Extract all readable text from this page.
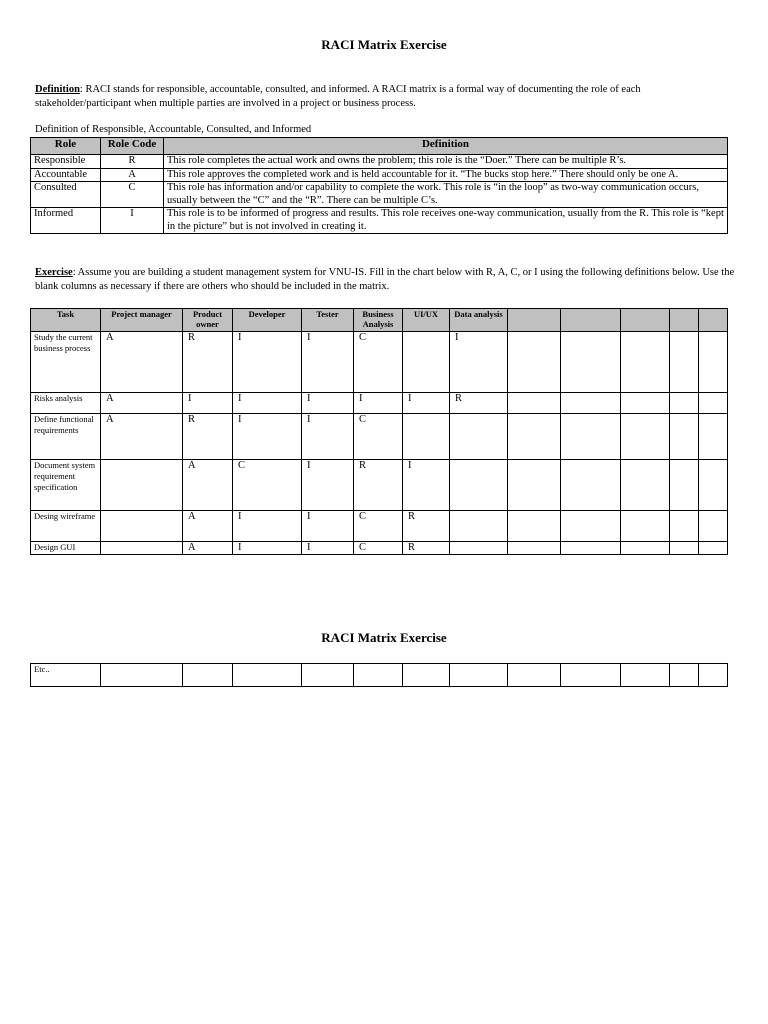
RACI Matrix Exercise
Definition: RACI stands for responsible, accountable, consulted, and informed. A RACI matrix is a formal way of documenting the role of each stakeholder/participant when multiple parties are involved in a project or business process.
Definition of Responsible, Accountable, Consulted, and Informed
Role	Role Code	Definition
Responsible	R	This role completes the actual work and owns the problem; this role is the “Doer.” There can be multiple R’s.
Accountable	A	This role approves the completed work and is held accountable for it. “The bucks stop here.” There should only be one A.
Consulted	C	This role has information and/or capability to complete the work. This role is “in the loop” as two-way communication occurs, usually between the “C” and the “R”. There can be multiple C’s.
Informed	I	This role is to be informed of progress and results. This role receives one-way communication, usually from the R. This role is “kept in the picture” but is not involved in creating it.
Exercise: Assume you are building a student management system for VNU-IS. Fill in the chart below with R, A, C, or I using the following definitions below. Use the blank columns as necessary if there are others who should be included in the matrix.
Task	Project manager	Product owner	Developer	Tester	Business Analysis	UI/UX	Data analysis					
Study the current business process	A	R	I	I	C		I					
Risks analysis	A	I	I	I	I	I	R					
Define functional requirements	A	R	I	I	C							
Document system requirement specification		A	C	I	R	I						
Desing wireframe		A	I	I	C	R						
Design GUI		A	I	I	C	R						
RACI Matrix Exercise
Etc..												
